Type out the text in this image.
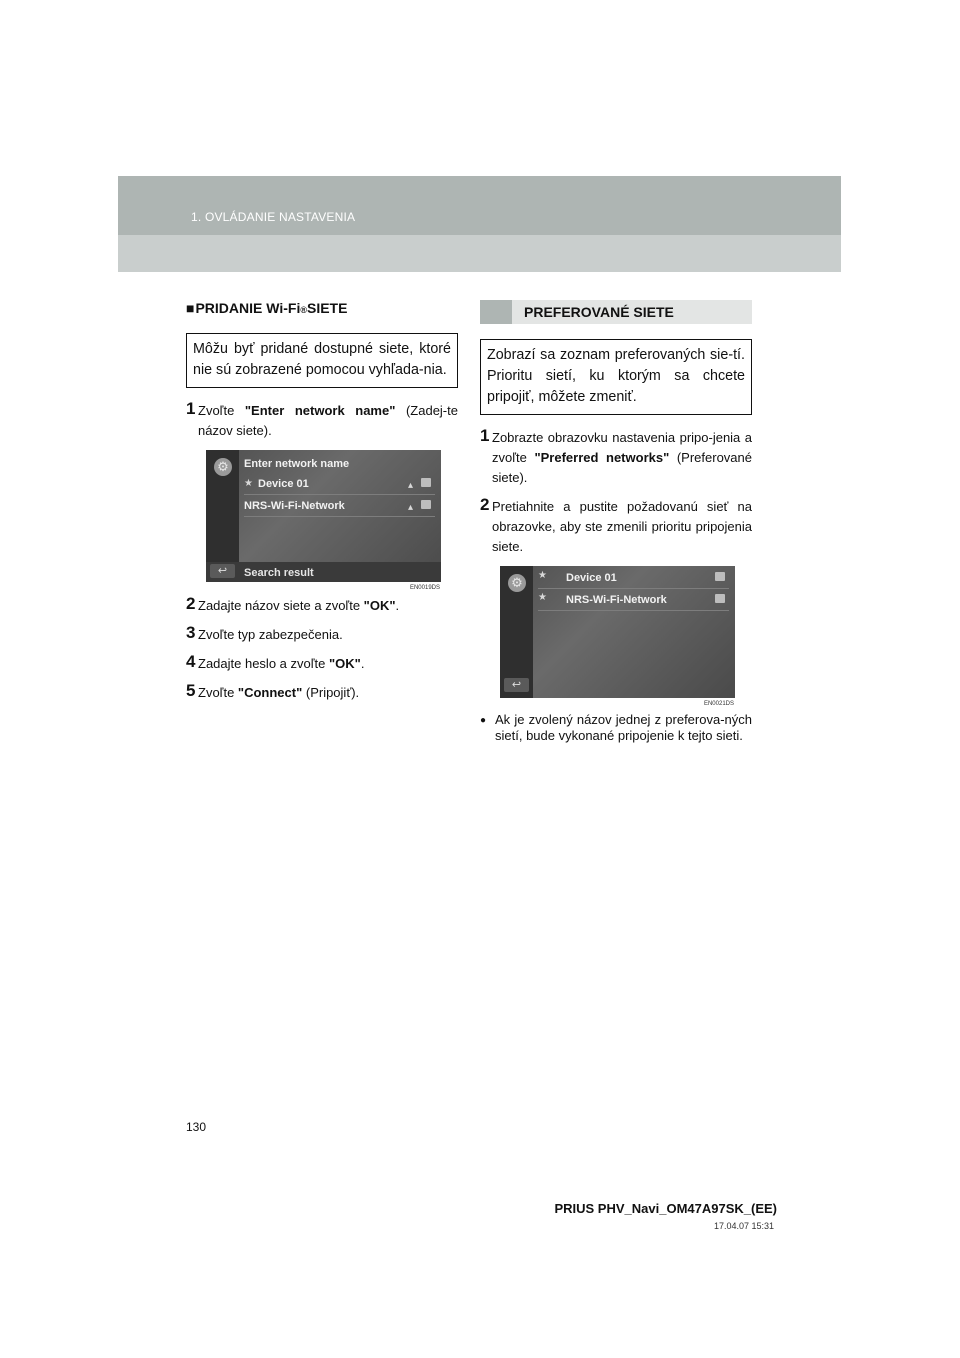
1. OVLÁDANIE NASTAVENIA
■ PRIDANIE Wi-Fi ® SIETE
Môžu byť pridané dostupné siete, ktoré nie sú zobrazené pomocou vyhľada-nia.
1 Zvoľte "Enter network name" (Zadej-te názov siete).
⚙ Enter network name
★ Device 01	▴
NRS-Wi-Fi-Network	▴
↩	Search result
EN0019DS
2 Zadajte názov siete a zvoľte "OK".
3 Zvoľte typ zabezpečenia.
4 Zadajte heslo a zvoľte "OK".
5 Zvoľte "Connect" (Pripojiť).
PREFEROVANÉ SIETE
Zobrazí sa zoznam preferovaných sie-tí. Prioritu sietí, ku ktorým sa chcete pripojiť, môžete zmeniť.
1 Zobrazte obrazovku nastavenia pripo-jenia a zvoľte "Preferred networks" (Preferované siete).
2 Pretiahnite a pustite požadovanú sieť na obrazovke, aby ste zmenili prioritu pripojenia siete.
⚙	★	Device 01
★	NRS-Wi-Fi-Network
↩
EN0021DS
● Ak je zvolený názov jednej z preferova-ných sietí, bude vykonané pripojenie k tejto sieti.
130
PRIUS PHV_Navi_OM47A97SK_(EE)
17.04.07 15:31
